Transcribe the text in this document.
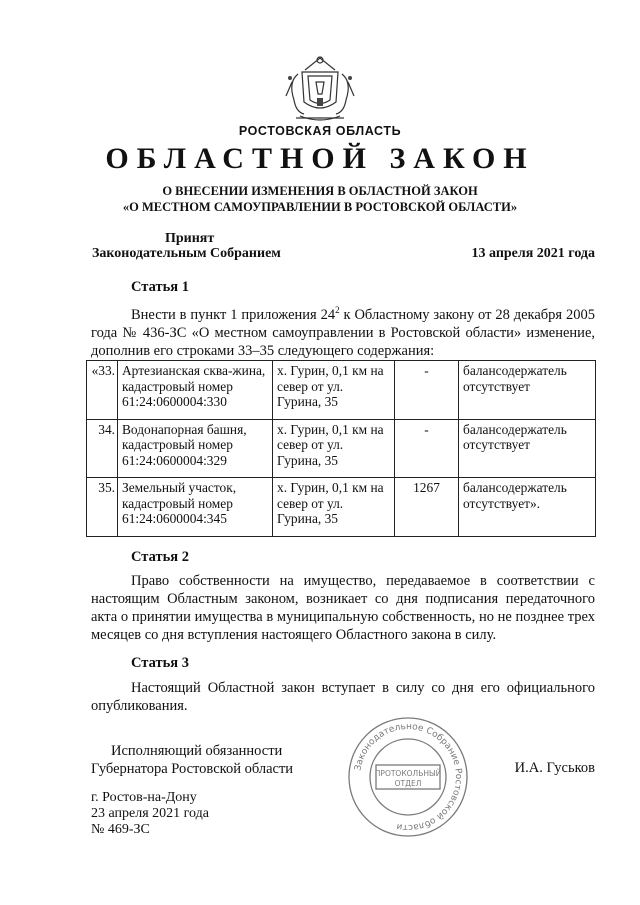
РОСТОВСКАЯ ОБЛАСТЬ
ОБЛАСТНОЙ ЗАКОН
О ВНЕСЕНИИ ИЗМЕНЕНИЯ В ОБЛАСТНОЙ ЗАКОН
«О МЕСТНОМ САМОУПРАВЛЕНИИ В РОСТОВСКОЙ ОБЛАСТИ»
Принят
Законодательным Собранием	13 апреля 2021 года
Статья 1
Внести в пункт 1 приложения $24^2$ к Областному закону от 28 декабря 2005 года № 436-ЗС «О местном самоуправлении в Ростовской области» изменение, дополнив его строками 33–35 следующего содержания:
«33.	Артезианская сква-жина, кадастровый номер 61:24:0600004:330	х. Гурин, 0,1 км на север от ул. Гурина, 35	-	балансодержатель отсутствует
34.	Водонапорная башня, кадастровый номер 61:24:0600004:329	х. Гурин, 0,1 км на север от ул. Гурина, 35	-	балансодержатель отсутствует
35.	Земельный участок, кадастровый номер 61:24:0600004:345	х. Гурин, 0,1 км на север от ул. Гурина, 35	1267	балансодержатель отсутствует».
Статья 2
Право собственности на имущество, передаваемое в соответствии с настоящим Областным законом, возникает со дня подписания передаточного акта о принятии имущества в муниципальную собственность, но не позднее трех месяцев со дня вступления настоящего Областного закона в силу.
Статья 3
Настоящий Областной закон вступает в силу со дня его официального опубликования.
Законодательное Собрание Ростовской области
ПРОТОКОЛЬНЫЙ
ОТДЕЛ
Исполняющий обязанности
Губернатора Ростовской области	И.А. Гуськов
г. Ростов-на-Дону
23 апреля 2021 года
№ 469-ЗС
